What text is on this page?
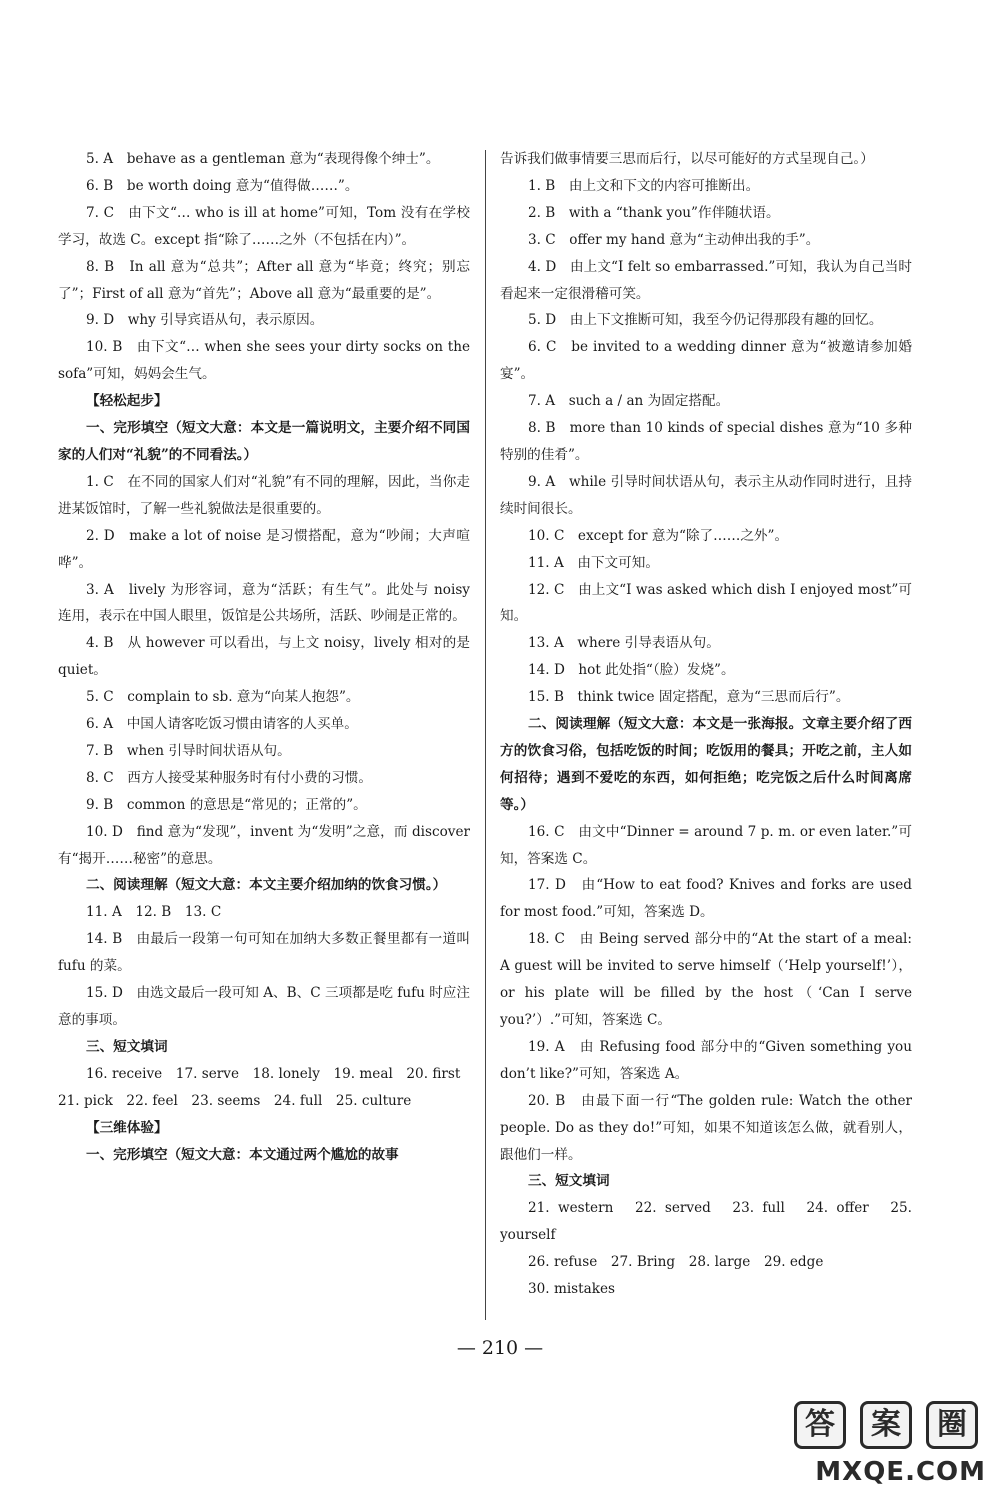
5. A　behave as a gentleman 意为“表现得像个绅士”。

6. B　be worth doing 意为“值得做……”。

7. C　由下文“… who is ill at home”可知，Tom 没有在学校学习，故选 C。except 指“除了……之外（不包括在内）”。

8. B　In all 意为“总共”；After all 意为“毕竟；终究；别忘了”；First of all 意为“首先”；Above all 意为“最重要的是”。

9. D　why 引导宾语从句，表示原因。

10. B　由下文“… when she sees your dirty socks on the sofa”可知，妈妈会生气。

【轻松起步】

一、完形填空（短文大意：本文是一篇说明文，主要介绍不同国家的人们对“礼貌”的不同看法。）

1. C　在不同的国家人们对“礼貌”有不同的理解，因此，当你走进某饭馆时，了解一些礼貌做法是很重要的。

2. D　make a lot of noise 是习惯搭配，意为“吵闹；大声喧哗”。

3. A　lively 为形容词，意为“活跃；有生气”。此处与 noisy 连用，表示在中国人眼里，饭馆是公共场所，活跃、吵闹是正常的。

4. B　从 however 可以看出，与上文 noisy，lively 相对的是 quiet。

5. C　complain to sb. 意为“向某人抱怨”。

6. A　中国人请客吃饭习惯由请客的人买单。

7. B　when 引导时间状语从句。

8. C　西方人接受某种服务时有付小费的习惯。

9. B　common 的意思是“常见的；正常的”。

10. D　find 意为“发现”，invent 为“发明”之意，而 discover 有“揭开……秘密”的意思。

二、阅读理解（短文大意：本文主要介绍加纳的饮食习惯。）

11. A　12. B　13. C

14. B　由最后一段第一句可知在加纳大多数正餐里都有一道叫 fufu 的菜。

15. D　由选文最后一段可知 A、B、C 三项都是吃 fufu 时应注意的事项。

三、短文填词

16. receive　17. serve　18. lonely　19. meal　20. first

21. pick　22. feel　23. seems　24. full　25. culture

【三维体验】

一、完形填空（短文大意：本文通过两个尴尬的故事

告诉我们做事情要三思而后行，以尽可能好的方式呈现自己。）

1. B　由上文和下文的内容可推断出。

2. B　with a “thank you”作伴随状语。

3. C　offer my hand 意为“主动伸出我的手”。

4. D　由上文“I felt so embarrassed.”可知，我认为自己当时看起来一定很滑稽可笑。

5. D　由上下文推断可知，我至今仍记得那段有趣的回忆。

6. C　be invited to a wedding dinner 意为“被邀请参加婚宴”。

7. A　such a / an 为固定搭配。

8. B　more than 10 kinds of special dishes 意为“10 多种特别的佳肴”。

9. A　while 引导时间状语从句，表示主从动作同时进行，且持续时间很长。

10. C　except for 意为“除了……之外”。

11. A　由下文可知。

12. C　由上文“I was asked which dish I enjoyed most”可知。

13. A　where 引导表语从句。

14. D　hot 此处指“（脸）发烧”。

15. B　think twice 固定搭配，意为“三思而后行”。

二、阅读理解（短文大意：本文是一张海报。文章主要介绍了西方的饮食习俗，包括吃饭的时间；吃饭用的餐具；开吃之前，主人如何招待；遇到不爱吃的东西，如何拒绝；吃完饭之后什么时间离席等。）

16. C　由文中“Dinner = around 7 p. m. or even later.”可知，答案选 C。

17. D　由“How to eat food? Knives and forks are used for most food.”可知，答案选 D。

18. C　由 Being served 部分中的“At the start of a meal: A guest will be invited to serve himself（‘Help yourself!’），or his plate will be filled by the host（‘Can I serve you?’）.”可知，答案选 C。

19. A　由 Refusing food 部分中的“Given something you don’t like?”可知，答案选 A。

20. B　由最下面一行“The golden rule: Watch the other people. Do as they do!”可知，如果不知道该怎么做，就看别人，跟他们一样。

三、短文填词

21. western　22. served　23. full　24. offer　25. yourself

26. refuse　27. Bring　28. large　29. edge

30. mistakes

— 210 —
答	案	圈
MXQE.COM
